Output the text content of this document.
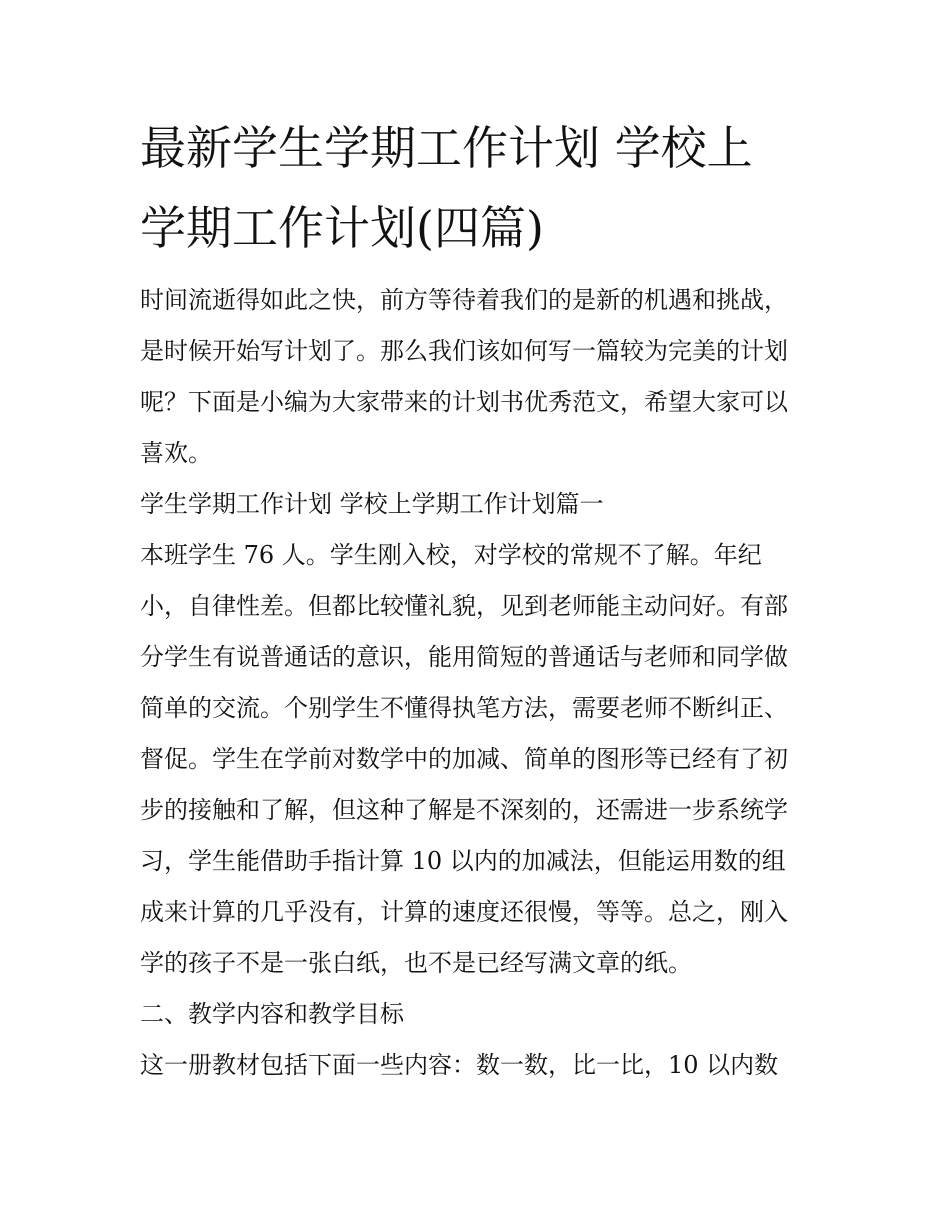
最新学生学期工作计划 学校上
学期工作计划(四篇)

时间流逝得如此之快，前方等待着我们的是新的机遇和挑战，

是时候开始写计划了。那么我们该如何写一篇较为完美的计划

呢？下面是小编为大家带来的计划书优秀范文，希望大家可以

喜欢。

学生学期工作计划 学校上学期工作计划篇一

本班学生 76 人。学生刚入校，对学校的常规不了解。年纪

小，自律性差。但都比较懂礼貌，见到老师能主动问好。有部

分学生有说普通话的意识，能用简短的普通话与老师和同学做

简单的交流。个别学生不懂得执笔方法，需要老师不断纠正、

督促。学生在学前对数学中的加减、简单的图形等已经有了初

步的接触和了解，但这种了解是不深刻的，还需进一步系统学

习，学生能借助手指计算 10 以内的加减法，但能运用数的组

成来计算的几乎没有，计算的速度还很慢，等等。总之，刚入

学的孩子不是一张白纸，也不是已经写满文章的纸。

二、教学内容和教学目标

这一册教材包括下面一些内容：数一数，比一比，10 以内数
